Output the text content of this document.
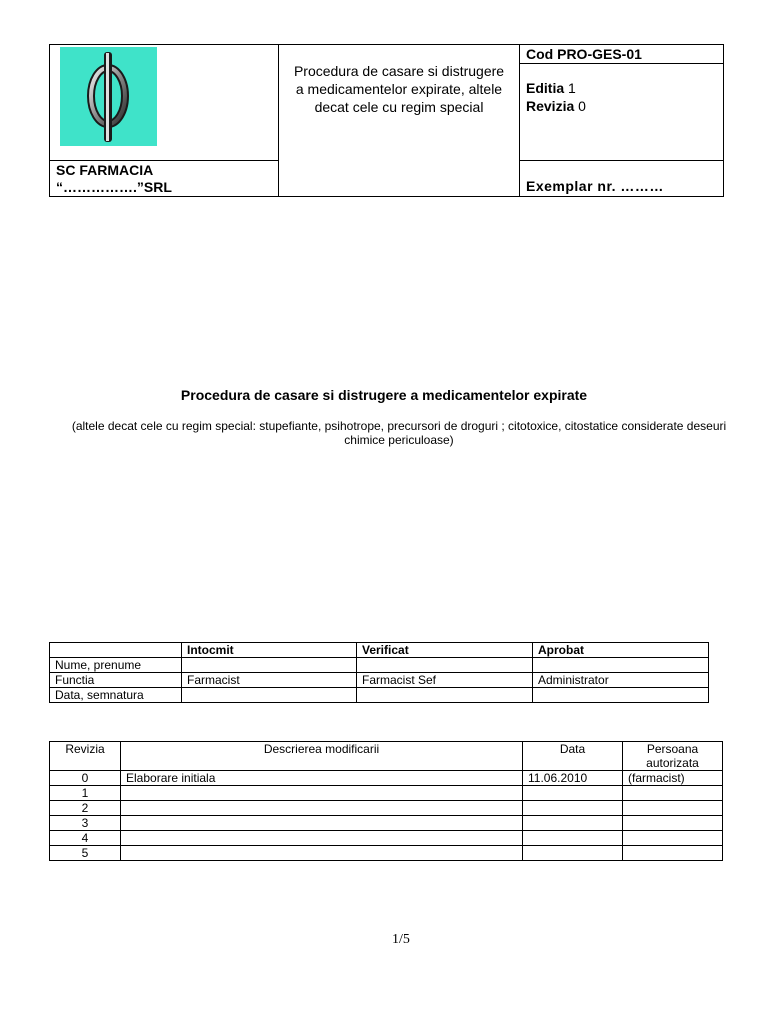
Procedura de casare si distrugere
a medicamentelor expirate, altele
decat cele cu regim special	Cod PRO-GES-01

		Editia 1
Revizia 0

SC FARMACIA
“…………….”SRL		Exemplar nr. ………
Procedura de casare si distrugere a medicamentelor expirate
(altele decat cele cu regim special: stupefiante, psihotrope, precursori de droguri ; citotoxice, citostatice considerate deseuri
chimice periculoase)
	Intocmit	Verificat	Aprobat
Nume, prenume			
Functia	Farmacist	Farmacist Sef	Administrator
Data, semnatura			
Revizia	Descrierea modificarii	Data	Persoana autorizata
0	Elaborare initiala	11.06.2010	(farmacist)
1			
2			
3			
4			
5			
1/5
